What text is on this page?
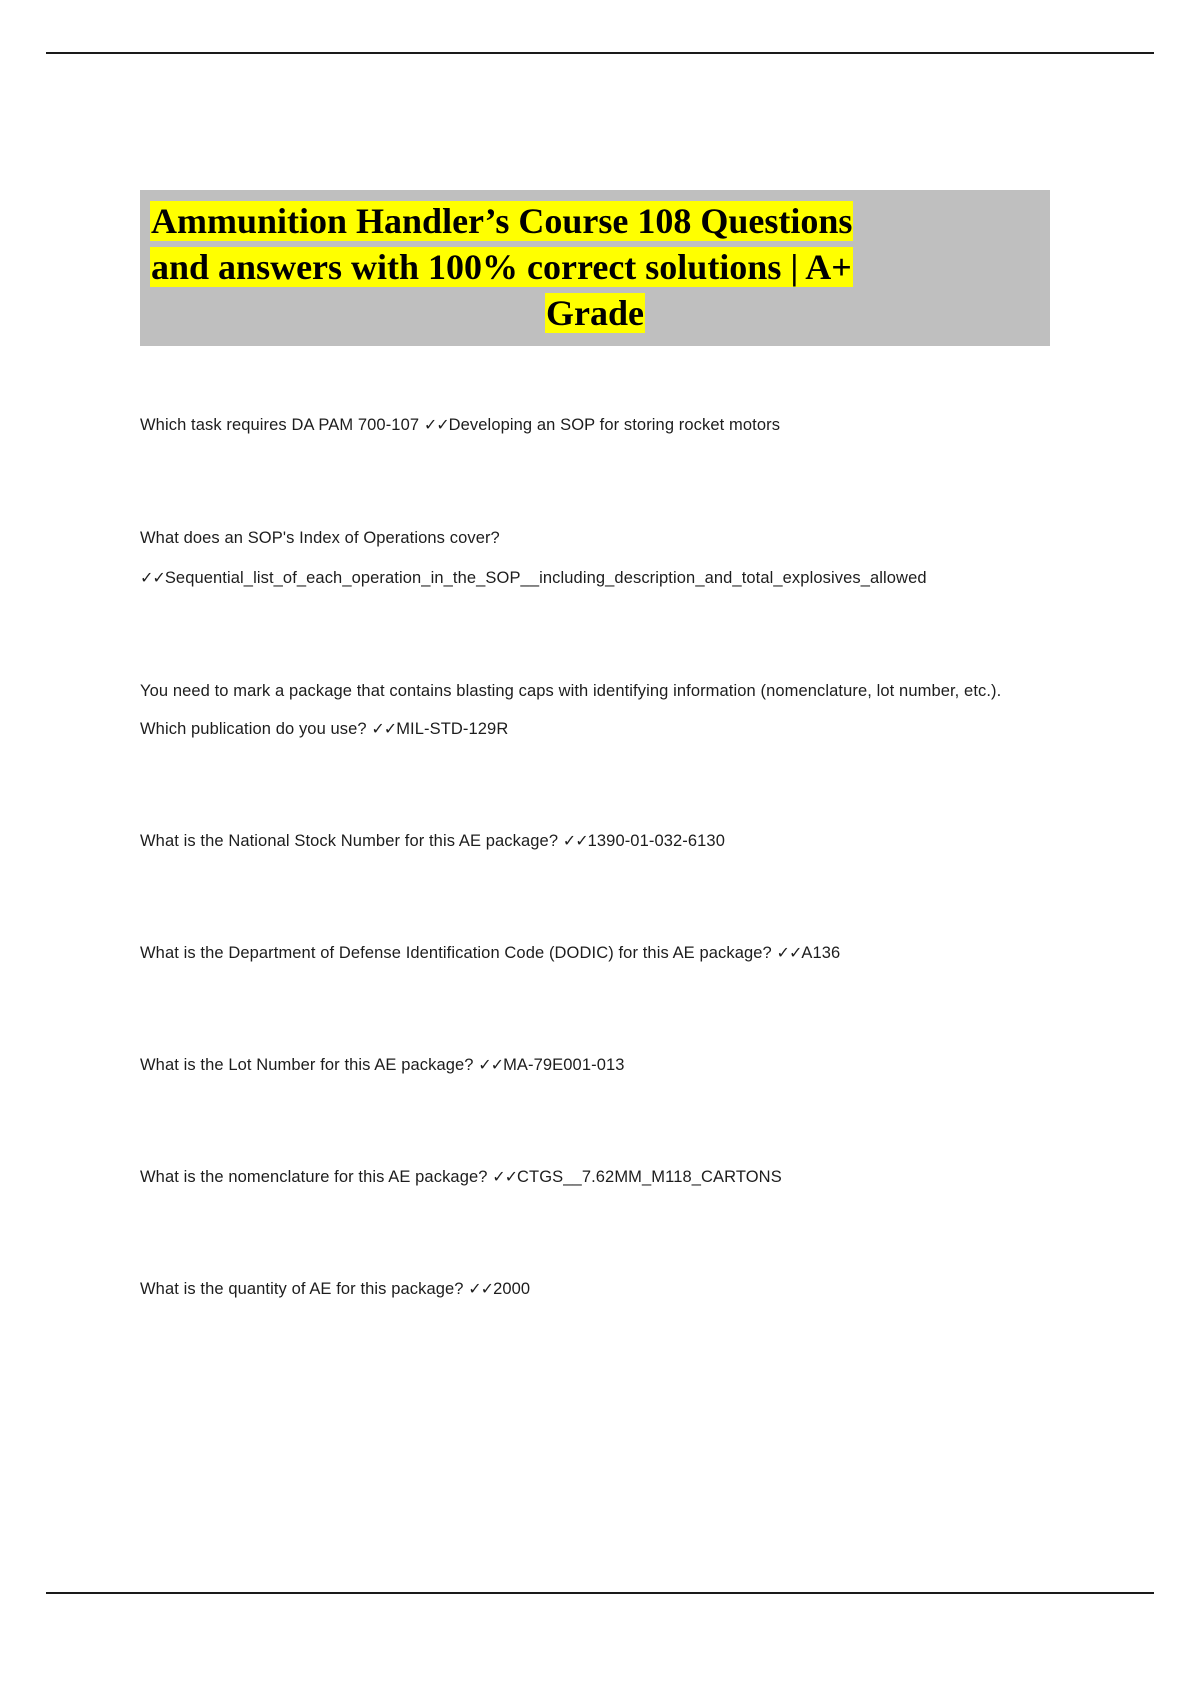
Ammunition Handler’s Course 108 Questions
and answers with 100% correct solutions | A+
Grade
Which task requires DA PAM 700-107 ✓✓Developing an SOP for storing rocket motors
What does an SOP's Index of Operations cover?
✓✓Sequential_list_of_each_operation_in_the_SOP__including_description_and_total_explosives_allowed
You need to mark a package that contains blasting caps with identifying information (nomenclature, lot number, etc.). Which publication do you use? ✓✓MIL-STD-129R
What is the National Stock Number for this AE package? ✓✓1390-01-032-6130
What is the Department of Defense Identification Code (DODIC) for this AE package? ✓✓A136
What is the Lot Number for this AE package? ✓✓MA-79E001-013
What is the nomenclature for this AE package? ✓✓CTGS__7.62MM_M118_CARTONS
What is the quantity of AE for this package? ✓✓2000
